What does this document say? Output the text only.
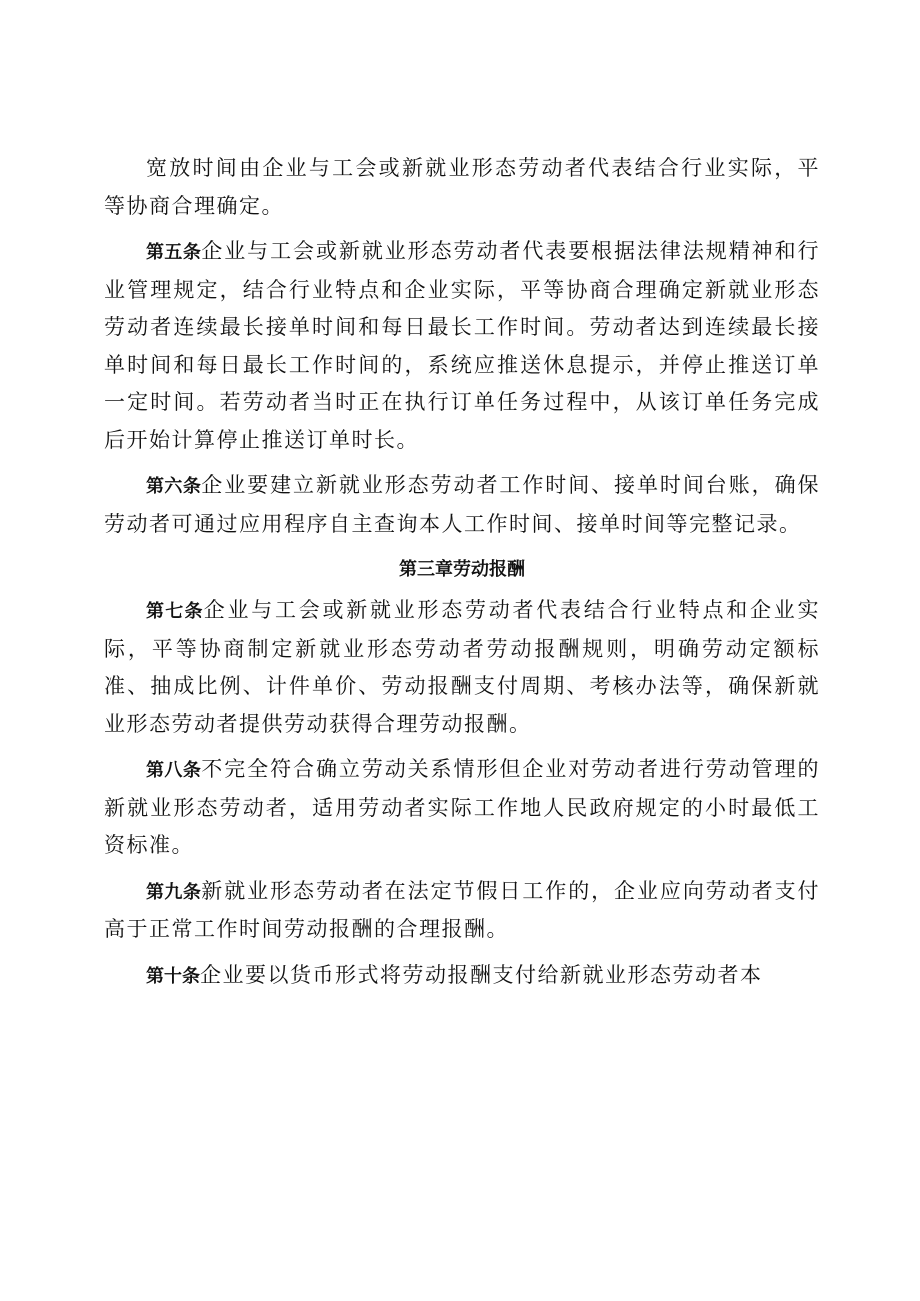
宽放时间由企业与工会或新就业形态劳动者代表结合行业实际，平等协商合理确定。

第五条企业与工会或新就业形态劳动者代表要根据法律法规精神和行业管理规定，结合行业特点和企业实际，平等协商合理确定新就业形态劳动者连续最长接单时间和每日最长工作时间。劳动者达到连续最长接单时间和每日最长工作时间的，系统应推送休息提示，并停止推送订单一定时间。若劳动者当时正在执行订单任务过程中，从该订单任务完成后开始计算停止推送订单时长。

第六条企业要建立新就业形态劳动者工作时间、接单时间台账，确保劳动者可通过应用程序自主查询本人工作时间、接单时间等完整记录。

第三章劳动报酬

第七条企业与工会或新就业形态劳动者代表结合行业特点和企业实际，平等协商制定新就业形态劳动者劳动报酬规则，明确劳动定额标准、抽成比例、计件单价、劳动报酬支付周期、考核办法等，确保新就业形态劳动者提供劳动获得合理劳动报酬。

第八条不完全符合确立劳动关系情形但企业对劳动者进行劳动管理的新就业形态劳动者，适用劳动者实际工作地人民政府规定的小时最低工资标准。

第九条新就业形态劳动者在法定节假日工作的，企业应向劳动者支付高于正常工作时间劳动报酬的合理报酬。

第十条企业要以货币形式将劳动报酬支付给新就业形态劳动者本
